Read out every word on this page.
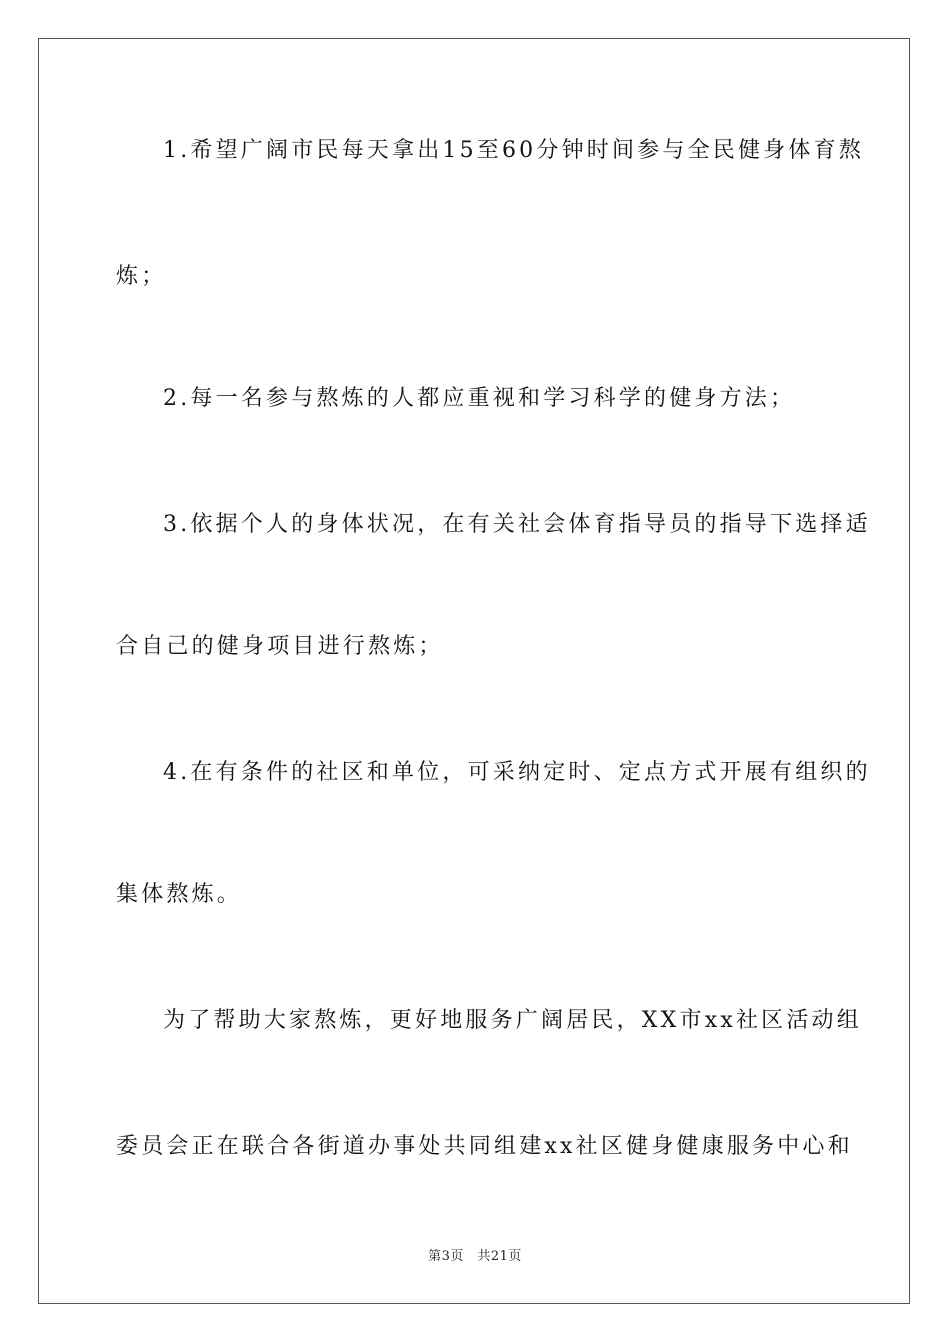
1.希望广阔市民每天拿出15至60分钟时间参与全民健身体育熬

炼；

2.每一名参与熬炼的人都应重视和学习科学的健身方法；

3.依据个人的身体状况，在有关社会体育指导员的指导下选择适

合自己的健身项目进行熬炼；

4.在有条件的社区和单位，可采纳定时、定点方式开展有组织的

集体熬炼。

为了帮助大家熬炼，更好地服务广阔居民，XX市xx社区活动组

委员会正在联合各街道办事处共同组建xx社区健身健康服务中心和

第3页　共21页
